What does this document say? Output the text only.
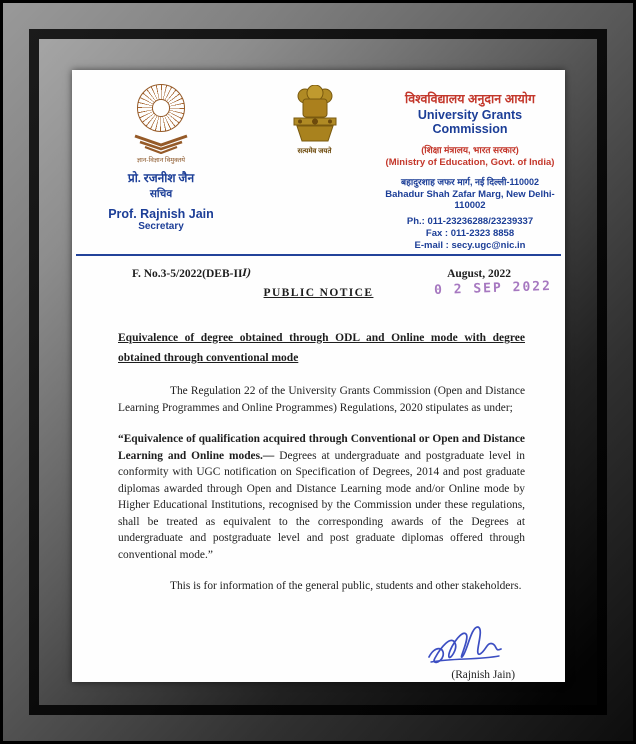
ज्ञान-विज्ञान विमुक्तये
प्रो. रजनीश जैन
सचिव
Prof. Rajnish Jain
Secretary
सत्यमेव जयते
विश्वविद्यालय अनुदान आयोग
University Grants Commission
(शिक्षा मंत्रालय, भारत सरकार)
(Ministry of Education, Govt. of India)
बहादुरशाह जफर मार्ग, नई दिल्ली-110002
Bahadur Shah Zafar Marg, New Delhi-110002
Ph.: 011-23236288/23239337
Fax : 011-2323 8858
E-mail : secy.ugc@nic.in
F. No.3-5/2022(DEB-III)	August, 2022
PUBLIC NOTICE	0 2 SEP 2022
Equivalence of degree obtained through ODL and Online mode with degree obtained through conventional mode

The Regulation 22 of the University Grants Commission (Open and Distance Learning Programmes and Online Programmes) Regulations, 2020 stipulates as under;

“Equivalence of qualification acquired through Conventional or Open and Distance Learning and Online modes.— Degrees at undergraduate and postgraduate level in conformity with UGC notification on Specification of Degrees, 2014 and post graduate diplomas awarded through Open and Distance Learning mode and/or Online mode by Higher Educational Institutions, recognised by the Commission under these regulations, shall be treated as equivalent to the corresponding awards of the Degrees at undergraduate and postgraduate level and post graduate diplomas offered through conventional mode.”

This is for information of the general public, students and other stakeholders.

(Rajnish Jain)
